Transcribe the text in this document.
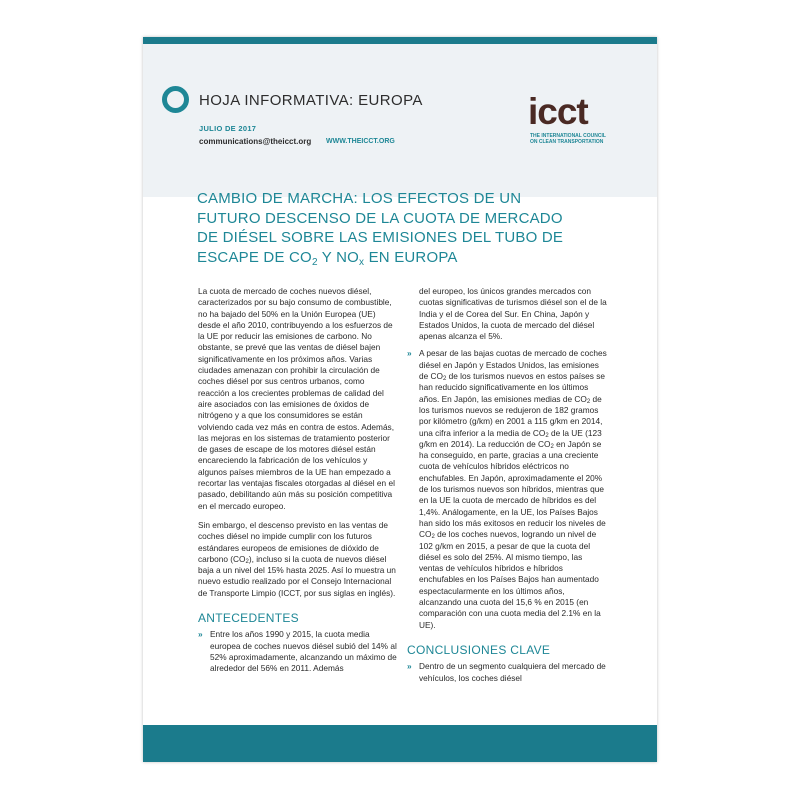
HOJA INFORMATIVA: EUROPA
JULIO DE 2017
communications@theicct.org WWW.THEICCT.ORG
icct
THE INTERNATIONAL COUNCIL
ON CLEAN TRANSPORTATION
CAMBIO DE MARCHA: LOS EFECTOS DE UN
FUTURO DESCENSO DE LA CUOTA DE MERCADO
DE DIÉSEL SOBRE LAS EMISIONES DEL TUBO DE
ESCAPE DE $CO_2$ Y $NO_x$ EN EUROPA

La cuota de mercado de coches nuevos diésel, caracterizados por su bajo consumo de combustible, no ha bajado del 50% en la Unión Europea (UE) desde el año 2010, contribuyendo a los esfuerzos de la UE por reducir las emisiones de carbono. No obstante, se prevé que las ventas de diésel bajen significativamente en los próximos años. Varias ciudades amenazan con prohibir la circulación de coches diésel por sus centros urbanos, como reacción a los crecientes problemas de calidad del aire asociados con las emisiones de óxidos de nitrógeno y a que los consumidores se están volviendo cada vez más en contra de estos. Además, las mejoras en los sistemas de tratamiento posterior de gases de escape de los motores diésel están encareciendo la fabricación de los vehículos y algunos países miembros de la UE han empezado a recortar las ventajas fiscales otorgadas al diésel en el pasado, debilitando aún más su posición competitiva en el mercado europeo.

Sin embargo, el descenso previsto en las ventas de coches diésel no impide cumplir con los futuros estándares europeos de emisiones de dióxido de carbono $(CO_2)$, incluso si la cuota de nuevos diésel baja a un nivel del 15% hasta 2025. Así lo muestra un nuevo estudio realizado por el Consejo Internacional de Transporte Limpio (ICCT, por sus siglas en inglés).

ANTECEDENTES
» Entre los años 1990 y 2015, la cuota media europea de coches nuevos diésel subió del 14% al 52% aproximadamente, alcanzando un máximo de alrededor del 56% en 2011. Además
del europeo, los únicos grandes mercados con cuotas significativas de turismos diésel son el de la India y el de Corea del Sur. En China, Japón y Estados Unidos, la cuota de mercado del diésel apenas alcanza el 5%.
» A pesar de las bajas cuotas de mercado de coches diésel en Japón y Estados Unidos, las emisiones de $CO_2$ de los turismos nuevos en estos países se han reducido significativamente en los últimos años. En Japón, las emisiones medias de $CO_2$ de los turismos nuevos se redujeron de 182 gramos por kilómetro (g/km) en 2001 a 115 g/km en 2014, una cifra inferior a la media de $CO_2$ de la UE (123 g/km en 2014). La reducción de $CO_2$ en Japón se ha conseguido, en parte, gracias a una creciente cuota de vehículos híbridos eléctricos no enchufables. En Japón, aproximadamente el 20% de los turismos nuevos son híbridos, mientras que en la UE la cuota de mercado de híbridos es del 1,4%. Análogamente, en la UE, los Países Bajos han sido los más exitosos en reducir los niveles de $CO_2$ de los coches nuevos, logrando un nivel de 102 g/km en 2015, a pesar de que la cuota del diésel es solo del 25%. Al mismo tiempo, las ventas de vehículos híbridos e híbridos enchufables en los Países Bajos han aumentado espectacularmente en los últimos años, alcanzando una cuota del 15,6 % en 2015 (en comparación con una cuota media del 2.1% en la UE).
CONCLUSIONES CLAVE
» Dentro de un segmento cualquiera del mercado de vehículos, los coches diésel
